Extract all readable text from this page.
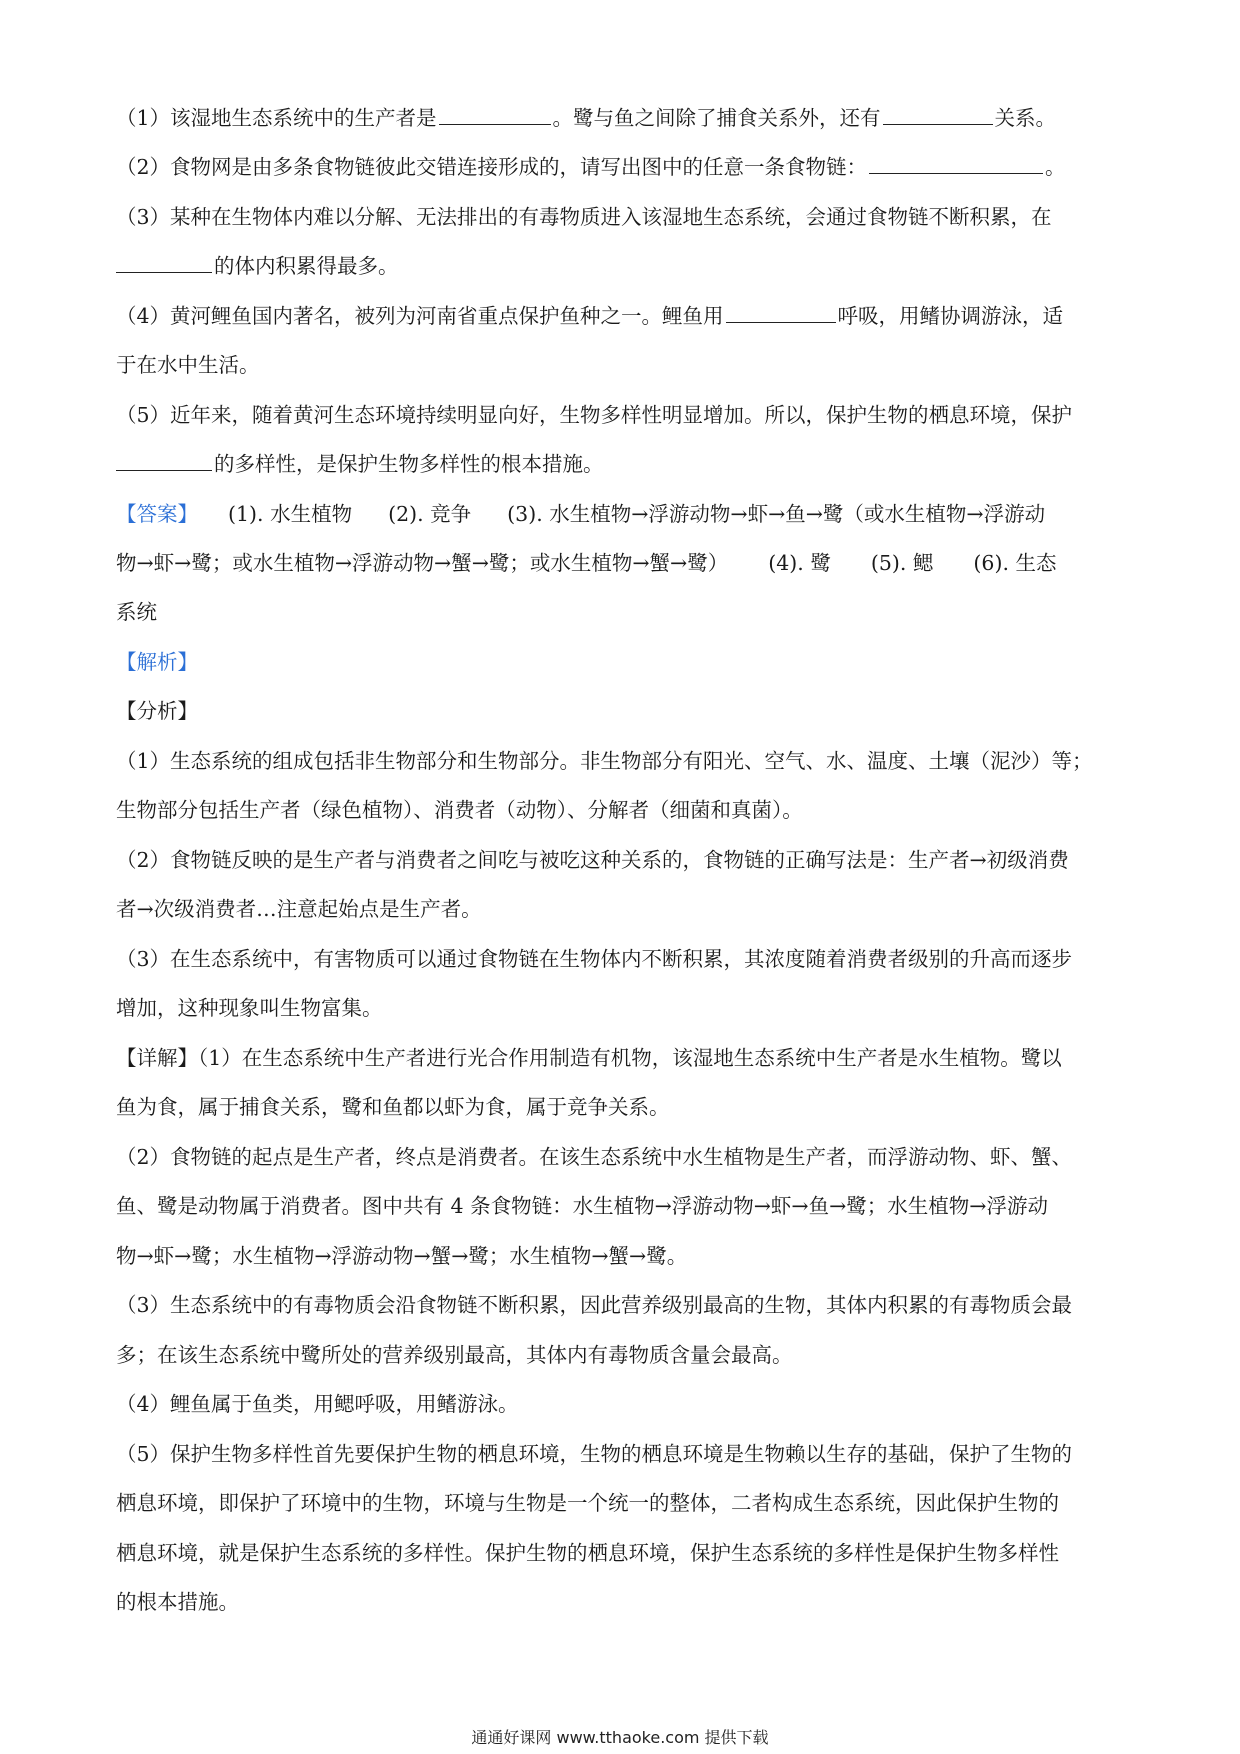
（1）该湿地生态系统中的生产者是	。鹭与鱼之间除了捕食关系外，还有	关系。
（2）食物网是由多条食物链彼此交错连接形成的，请写出图中的任意一条食物链：	。
（3）某种在生物体内难以分解、无法排出的有毒物质进入该湿地生态系统，会通过食物链不断积累，在
的体内积累得最多。
（4）黄河鲤鱼国内著名，被列为河南省重点保护鱼种之一。鲤鱼用	呼吸，用鳍协调游泳，适
于在水中生活。
（5）近年来，随着黄河生态环境持续明显向好，生物多样性明显增加。所以，保护生物的栖息环境，保护
的多样性，是保护生物多样性的根本措施。
【答案】 (1). 水生植物 (2). 竞争 (3). 水生植物→浮游动物→虾→鱼→鹭（或水生植物→浮游动
物→虾→鹭；或水生植物→浮游动物→蟹→鹭；或水生植物→蟹→鹭） (4). 鹭 (5). 鳃 (6). 生态
系统
【解析】
【分析】
（1）生态系统的组成包括非生物部分和生物部分。非生物部分有阳光、空气、水、温度、土壤（泥沙）等；
生物部分包括生产者（绿色植物）、消费者（动物）、分解者（细菌和真菌）。
（2）食物链反映的是生产者与消费者之间吃与被吃这种关系的，食物链的正确写法是：生产者→初级消费
者→次级消费者…注意起始点是生产者。
（3）在生态系统中，有害物质可以通过食物链在生物体内不断积累，其浓度随着消费者级别的升高而逐步
增加，这种现象叫生物富集。
【详解】（1）在生态系统中生产者进行光合作用制造有机物，该湿地生态系统中生产者是水生植物。鹭以
鱼为食，属于捕食关系，鹭和鱼都以虾为食，属于竞争关系。
（2）食物链的起点是生产者，终点是消费者。在该生态系统中水生植物是生产者，而浮游动物、虾、蟹、
鱼、鹭是动物属于消费者。图中共有 4 条食物链：水生植物→浮游动物→虾→鱼→鹭；水生植物→浮游动
物→虾→鹭；水生植物→浮游动物→蟹→鹭；水生植物→蟹→鹭。
（3）生态系统中的有毒物质会沿食物链不断积累，因此营养级别最高的生物，其体内积累的有毒物质会最
多；在该生态系统中鹭所处的营养级别最高，其体内有毒物质含量会最高。
（4）鲤鱼属于鱼类，用鳃呼吸，用鳍游泳。
（5）保护生物多样性首先要保护生物的栖息环境，生物的栖息环境是生物赖以生存的基础，保护了生物的
栖息环境，即保护了环境中的生物，环境与生物是一个统一的整体，二者构成生态系统，因此保护生物的
栖息环境，就是保护生态系统的多样性。保护生物的栖息环境，保护生态系统的多样性是保护生物多样性
的根本措施。
通通好课网 www.tthaoke.com 提供下载
